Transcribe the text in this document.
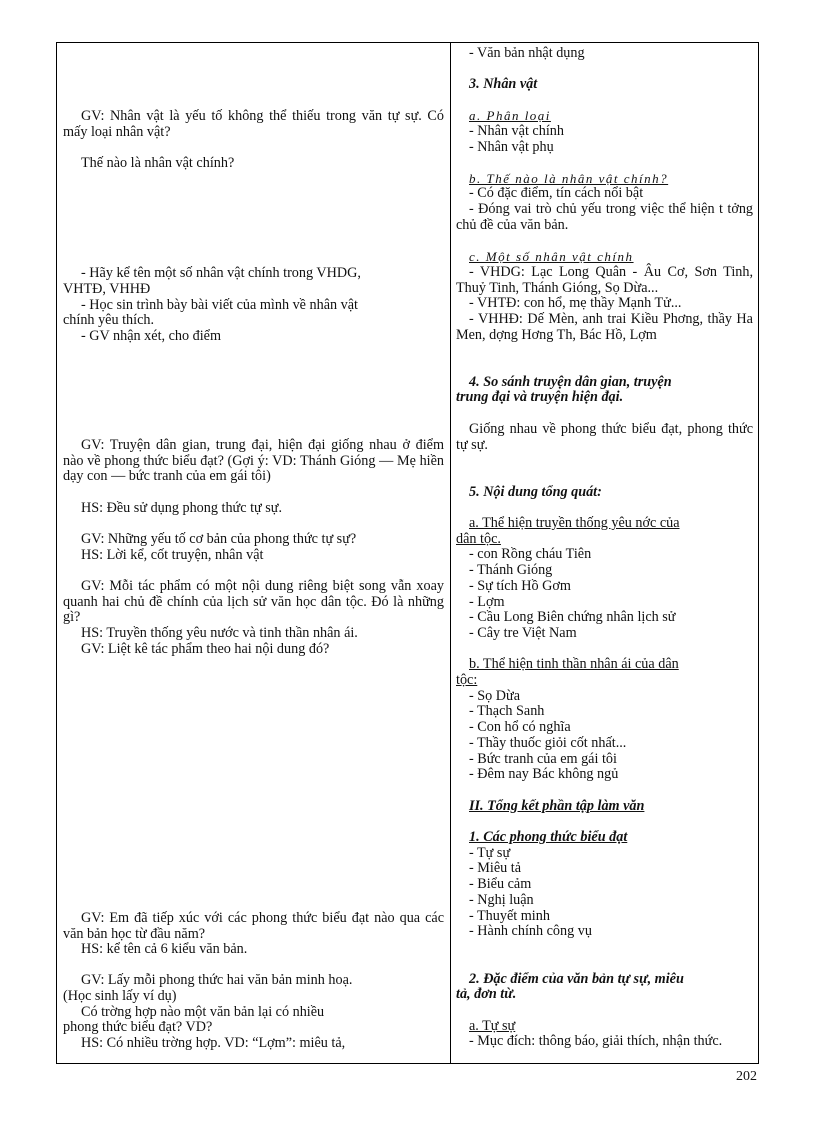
GV: Nhân vật là yếu tố không thể thiếu trong văn tự sự. Có mấy loại nhân vật?
Thế nào là nhân vật chính?
- Hãy kể tên một số nhân vật chính trong VHDG,
VHTĐ, VHHĐ
- Học sin trình bày bài viết của mình về nhân vật
chính yêu thích.
- GV nhận xét, cho điểm
GV: Truyện dân gian, trung đại, hiện đại giống nhau ở điểm nào về phong thức biểu đạt? (Gợi ý: VD: Thánh Gióng — Mẹ hiền dạy con — bức tranh của em gái tôi)
HS: Đều sử dụng phong thức tự sự.
GV: Những yếu tố cơ bản của phong thức tự sự?
HS: Lời kể, cốt truyện, nhân vật
GV: Mỗi tác phẩm có một nội dung riêng biệt song vẫn xoay quanh hai chủ đề chính của lịch sử văn học dân tộc. Đó là những gì?
HS: Truyền thống yêu nước và tinh thần nhân ái.
GV: Liệt kê tác phẩm theo hai nội dung đó?
GV: Em đã tiếp xúc với các phong thức biểu đạt nào qua các văn bản học từ đầu năm?
HS: kể tên cả 6 kiểu văn bản.
GV: Lấy mỗi phong thức hai văn bản minh hoạ.
(Học sinh lấy ví dụ)
Có trờng hợp nào một văn bản lại có nhiều
phong thức biểu đạt? VD?
HS: Có nhiều trờng hợp. VD: “Lợm”: miêu tả,
- Văn bản nhật dụng
3. Nhân vật
a. Phân loại
- Nhân vật chính
- Nhân vật phụ
b. Thế nào là nhân vật chính?
- Có đặc điểm, tín cách nổi bật
- Đóng vai trò chủ yếu trong việc thể hiện t tởng chủ đề của văn bản.
c. Một số nhân vật chính
- VHDG: Lạc Long Quân - Âu Cơ, Sơn Tinh, Thuỷ Tinh, Thánh Gióng, Sọ Dừa...
- VHTĐ: con hổ, mẹ thầy Mạnh Tử...
- VHHĐ: Dế Mèn, anh trai Kiều Phơng, thầy Ha Men, dợng Hơng Th, Bác Hồ, Lợm
4. So sánh truyện dân gian, truyện
trung đại và truyện hiện đại.
Giống nhau về phong thức biểu đạt, phong thức tự sự.
5. Nội dung tổng quát:
a. Thể hiện truyền thống yêu nớc của
dân tộc.
- con Rồng cháu Tiên
- Thánh Gióng
- Sự tích Hồ Gơm
- Lợm
- Cầu Long Biên chứng nhân lịch sử
- Cây tre Việt Nam
b. Thể hiện tinh thần nhân ái của dân
tộc:
- Sọ Dừa
- Thạch Sanh
- Con hổ có nghĩa
- Thầy thuốc giỏi cốt nhất...
- Bức tranh của em gái tôi
- Đêm nay Bác không ngủ
II. Tổng kết phần tập làm văn
1. Các phong thức biểu đạt
- Tự sự
- Miêu tả
- Biểu cảm
- Nghị luận
- Thuyết minh
- Hành chính công vụ
2. Đặc điểm của văn bản tự sự, miêu
tả, đơn từ.
a. Tự sự
- Mục đích: thông báo, giải thích, nhận thức.
202
